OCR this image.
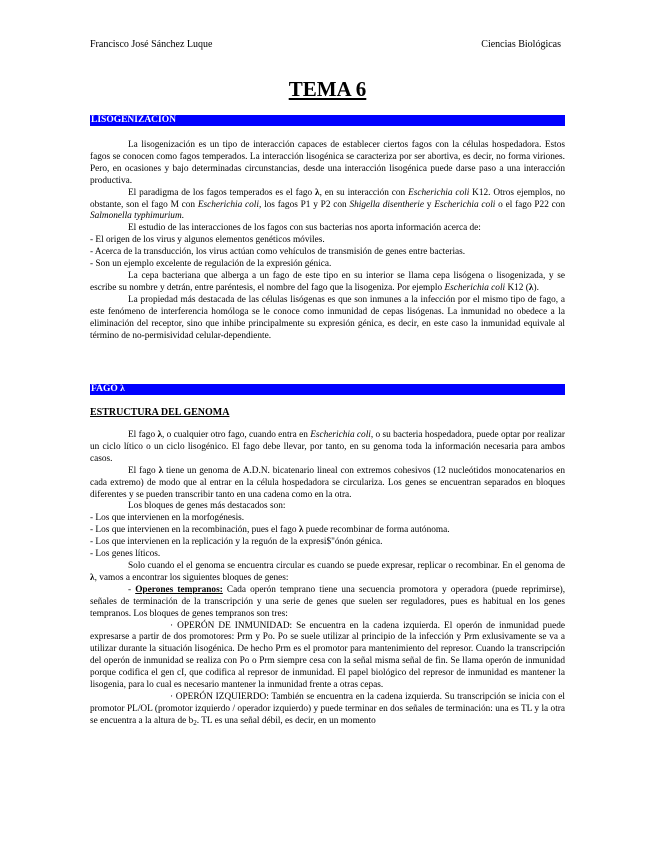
Francisco José Sánchez Luque	Ciencias Biológicas
TEMA 6
LISOGENIZACIÓN

La lisogenización es un tipo de interacción capaces de establecer ciertos fagos con la células hospedadora. Estos fagos se conocen como fagos temperados. La interacción lisogénica se caracteriza por ser abortiva, es decir, no forma viriones. Pero, en ocasiones y bajo determinadas circunstancias, desde una interacción lisogénica puede darse paso a una interacción productiva.

El paradigma de los fagos temperados es el fago λ, en su interacción con Escherichia coli K12. Otros ejemplos, no obstante, son el fago M con Escherichia coli, los fagos P1 y P2 con Shigella disentherie y Escherichia coli o el fago P22 con Salmonella typhimurium.

El estudio de las interacciones de los fagos con sus bacterias nos aporta información acerca de:

- El origen de los virus y algunos elementos genéticos móviles.

- Acerca de la transducción, los virus actúan como vehículos de transmisión de genes entre bacterias.

- Son un ejemplo excelente de regulación de la expresión génica.

La cepa bacteriana que alberga a un fago de este tipo en su interior se llama cepa lisógena o lisogenizada, y se escribe su nombre y detrán, entre paréntesis, el nombre del fago que la lisogeniza. Por ejemplo Escherichia coli K12 (λ).

La propiedad más destacada de las células lisógenas es que son inmunes a la infección por el mismo tipo de fago, a este fenómeno de interferencia homóloga se le conoce como inmunidad de cepas lisógenas. La inmunidad no obedece a la eliminación del receptor, sino que inhibe principalmente su expresión génica, es decir, en este caso la inmunidad equivale al término de no-permisividad celular-dependiente.

FAGO λ

ESTRUCTURA DEL GENOMA

El fago λ, o cualquier otro fago, cuando entra en Escherichia coli, o su bacteria hospedadora, puede optar por realizar un ciclo lítico o un ciclo lisogénico. El fago debe llevar, por tanto, en su genoma toda la información necesaria para ambos casos.

El fago λ tiene un genoma de A.D.N. bicatenario lineal con extremos cohesivos (12 nucleótidos monocatenarios en cada extremo) de modo que al entrar en la célula hospedadora se circulariza. Los genes se encuentran separados en bloques diferentes y se pueden transcribir tanto en una cadena como en la otra.

Los bloques de genes más destacados son:

- Los que intervienen en la morfogénesis.

- Los que intervienen en la recombinación, pues el fago λ puede recombinar de forma autónoma.

- Los que intervienen en la replicación y la reguón de la expresi$"ónón génica.

- Los genes líticos.

Solo cuando el el genoma se encuentra circular es cuando se puede expresar, replicar o recombinar. En el genoma de λ, vamos a encontrar los siguientes bloques de genes:

- Operones tempranos: Cada operón temprano tiene una secuencia promotora y operadora (puede reprimirse), señales de terminación de la transcripción y una serie de genes que suelen ser reguladores, pues es habitual en los genes tempranos. Los bloques de genes tempranos son tres:

· OPERÓN DE INMUNIDAD: Se encuentra en la cadena izquierda. El operón de inmunidad puede expresarse a partir de dos promotores: Prm y Po. Po se suele utilizar al principio de la infección y Prm exlusivamente se va a utilizar durante la situación lisogénica. De hecho Prm es el promotor para mantenimiento del represor. Cuando la transcripción del operón de inmunidad se realiza con Po o Prm siempre cesa con la señal misma señal de fin. Se llama operón de inmunidad porque codifica el gen cI, que codifica al represor de inmunidad. El papel biológico del represor de inmunidad es mantener la lisogenia, para lo cual es necesario mantener la inmunidad frente a otras cepas.

· OPERÓN IZQUIERDO: También se encuentra en la cadena izquierda. Su transcripción se inicia con el promotor PL/OL (promotor izquierdo / operador izquierdo) y puede terminar en dos señales de terminación: una es TL y la otra se encuentra a la altura de $b_2$. TL es una señal débil, es decir, en un momento
